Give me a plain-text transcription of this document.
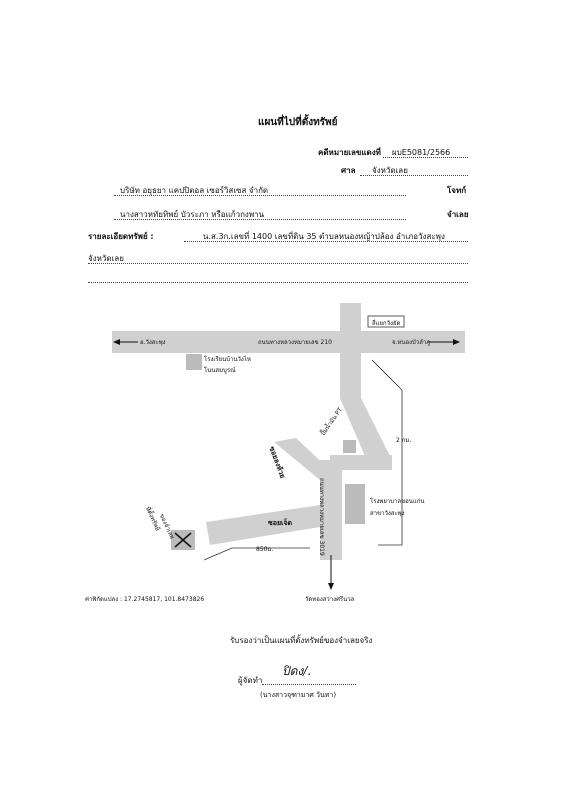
แผนที่ไปที่ตั้งทรัพย์
คดีหมายเลขแดงที่ ผบE5081/2566
ศาล จังหวัดเลย
บริษัท อยุธยา แคปปิตอล เซอร์วิสเซส จำกัด	โจทก์
นางสาวหทัยทิพย์ บัวระภา หรือแก้วกงพาน	จำเลย
รายละเอียดทรัพย์ :	น.ส.3ก.เลขที่ 1400 เลขที่ดิน 35 ตำบลหนองหญ้าปล้อง อำเภอวังสะพุง
จังหวัดเลย
อ.วังสะพุง	ถนนทางหลวงหมายเลข 210	จ.หนองบัวลำภู
สี่แยกวังยัด
โรงเรียนบ้านวังไห
โนนสมบูรณ์
ปั๊มน้ำมัน PT
ซอยลงห้วย
2 กม.
ถนนทางหลวงหมายเลข 3019	โรงพยาบาลขอนแก่น
สาขาวังสะพุง
ซอยเจ็ด
850ม.
ที่ตั้งทรัพย์
ของจำเลย
วัดทองสว่างศรีนวล
ค่าพิกัดแปลง : 17.2745817, 101.8473826
รับรองว่าเป็นแผนที่ตั้งทรัพย์ของจำเลยจริง
ผู้จัดทำ
ปิดง/.
(นางสาวจุฑามาศ วันทา)
